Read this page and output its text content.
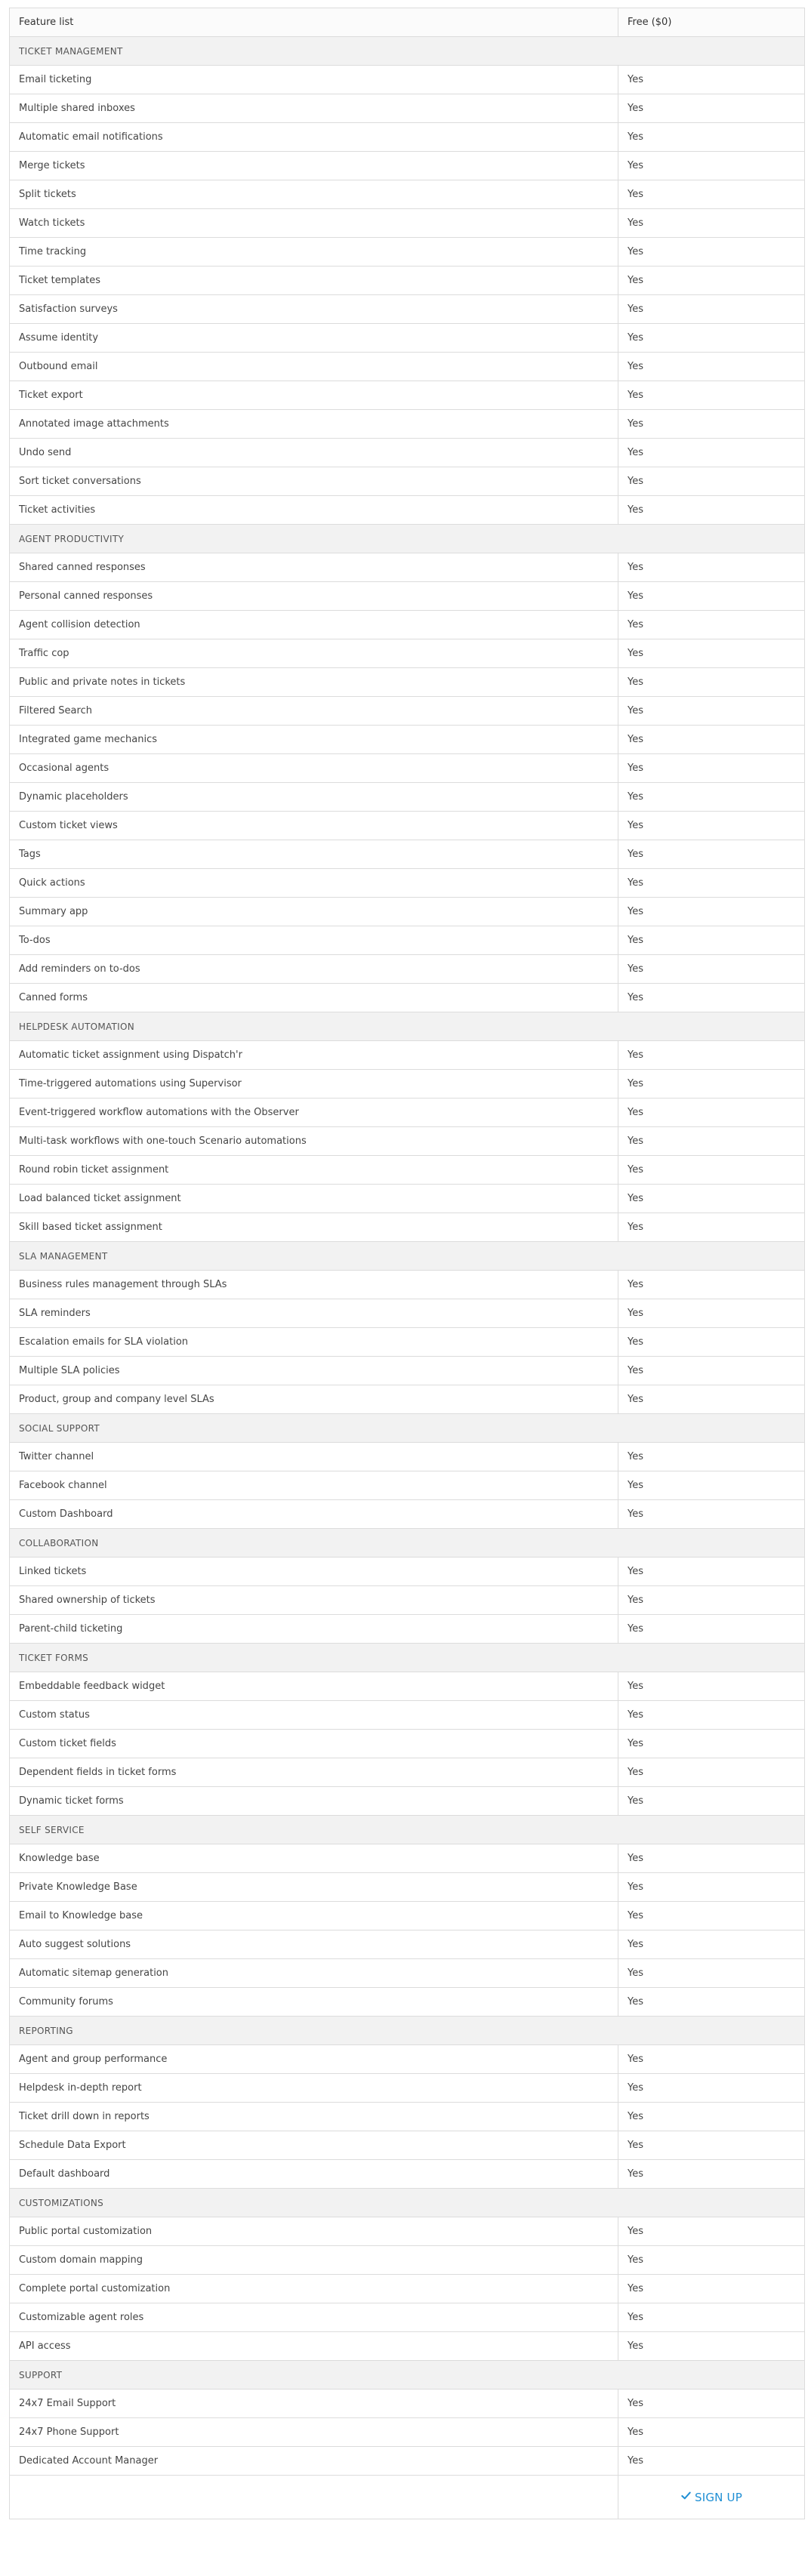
Feature list	Free ($0)
TICKET MANAGEMENT	
Email ticketing	Yes
Multiple shared inboxes	Yes
Automatic email notifications	Yes
Merge tickets	Yes
Split tickets	Yes
Watch tickets	Yes
Time tracking	Yes
Ticket templates	Yes
Satisfaction surveys	Yes
Assume identity	Yes
Outbound email	Yes
Ticket export	Yes
Annotated image attachments	Yes
Undo send	Yes
Sort ticket conversations	Yes
Ticket activities	Yes
AGENT PRODUCTIVITY	
Shared canned responses	Yes
Personal canned responses	Yes
Agent collision detection	Yes
Traffic cop	Yes
Public and private notes in tickets	Yes
Filtered Search	Yes
Integrated game mechanics	Yes
Occasional agents	Yes
Dynamic placeholders	Yes
Custom ticket views	Yes
Tags	Yes
Quick actions	Yes
Summary app	Yes
To-dos	Yes
Add reminders on to-dos	Yes
Canned forms	Yes
HELPDESK AUTOMATION	
Automatic ticket assignment using Dispatch'r	Yes
Time-triggered automations using Supervisor	Yes
Event-triggered workflow automations with the Observer	Yes
Multi-task workflows with one-touch Scenario automations	Yes
Round robin ticket assignment	Yes
Load balanced ticket assignment	Yes
Skill based ticket assignment	Yes
SLA MANAGEMENT	
Business rules management through SLAs	Yes
SLA reminders	Yes
Escalation emails for SLA violation	Yes
Multiple SLA policies	Yes
Product, group and company level SLAs	Yes
SOCIAL SUPPORT	
Twitter channel	Yes
Facebook channel	Yes
Custom Dashboard	Yes
COLLABORATION	
Linked tickets	Yes
Shared ownership of tickets	Yes
Parent-child ticketing	Yes
TICKET FORMS	
Embeddable feedback widget	Yes
Custom status	Yes
Custom ticket fields	Yes
Dependent fields in ticket forms	Yes
Dynamic ticket forms	Yes
SELF SERVICE	
Knowledge base	Yes
Private Knowledge Base	Yes
Email to Knowledge base	Yes
Auto suggest solutions	Yes
Automatic sitemap generation	Yes
Community forums	Yes
REPORTING	
Agent and group performance	Yes
Helpdesk in-depth report	Yes
Ticket drill down in reports	Yes
Schedule Data Export	Yes
Default dashboard	Yes
CUSTOMIZATIONS	
Public portal customization	Yes
Custom domain mapping	Yes
Complete portal customization	Yes
Customizable agent roles	Yes
API access	Yes
SUPPORT	
24x7 Email Support	Yes
24x7 Phone Support	Yes
Dedicated Account Manager	Yes

	SIGN UP
